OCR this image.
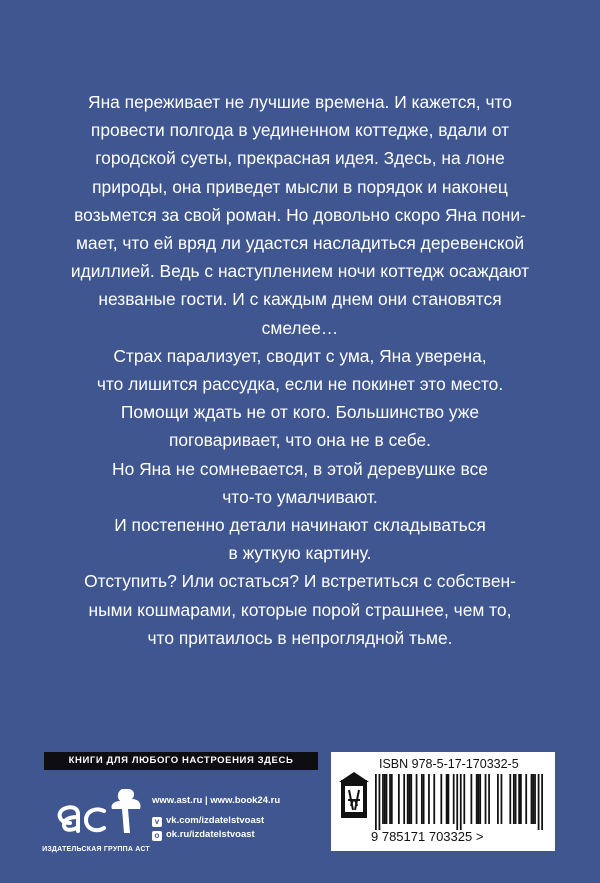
Яна переживает не лучшие времена. И кажется, что

провести полгода в уединенном коттедже, вдали от

городской суеты, прекрасная идея. Здесь, на лоне

природы, она приведет мысли в порядок и наконец

возьмется за свой роман. Но довольно скоро Яна пони-

мает, что ей вряд ли удастся насладиться деревенской

идиллией. Ведь с наступлением ночи коттедж осаждают

незваные гости. И с каждым днем они становятся

смелее…

Страх парализует, сводит с ума, Яна уверена,

что лишится рассудка, если не покинет это место.

Помощи ждать не от кого. Большинство уже

поговаривает, что она не в себе.

Но Яна не сомневается, в этой деревушке все

что-то умалчивают.

И постепенно детали начинают складываться

в жуткую картину.

Отступить? Или остаться? И встретиться с собствен-

ными кошмарами, которые порой страшнее, чем то,

что притаилось в непроглядной тьме.

КНИГИ ДЛЯ ЛЮБОГО НАСТРОЕНИЯ ЗДЕСЬ
ИЗДАТЕЛЬСКАЯ ГРУППА АСТ
www.ast.ru | www.book24.ru
v vk.com/izdatelstvoast
o ok.ru/izdatelstvoast
ISBN 978-5-17-170332-5
9 785171 703325 >
